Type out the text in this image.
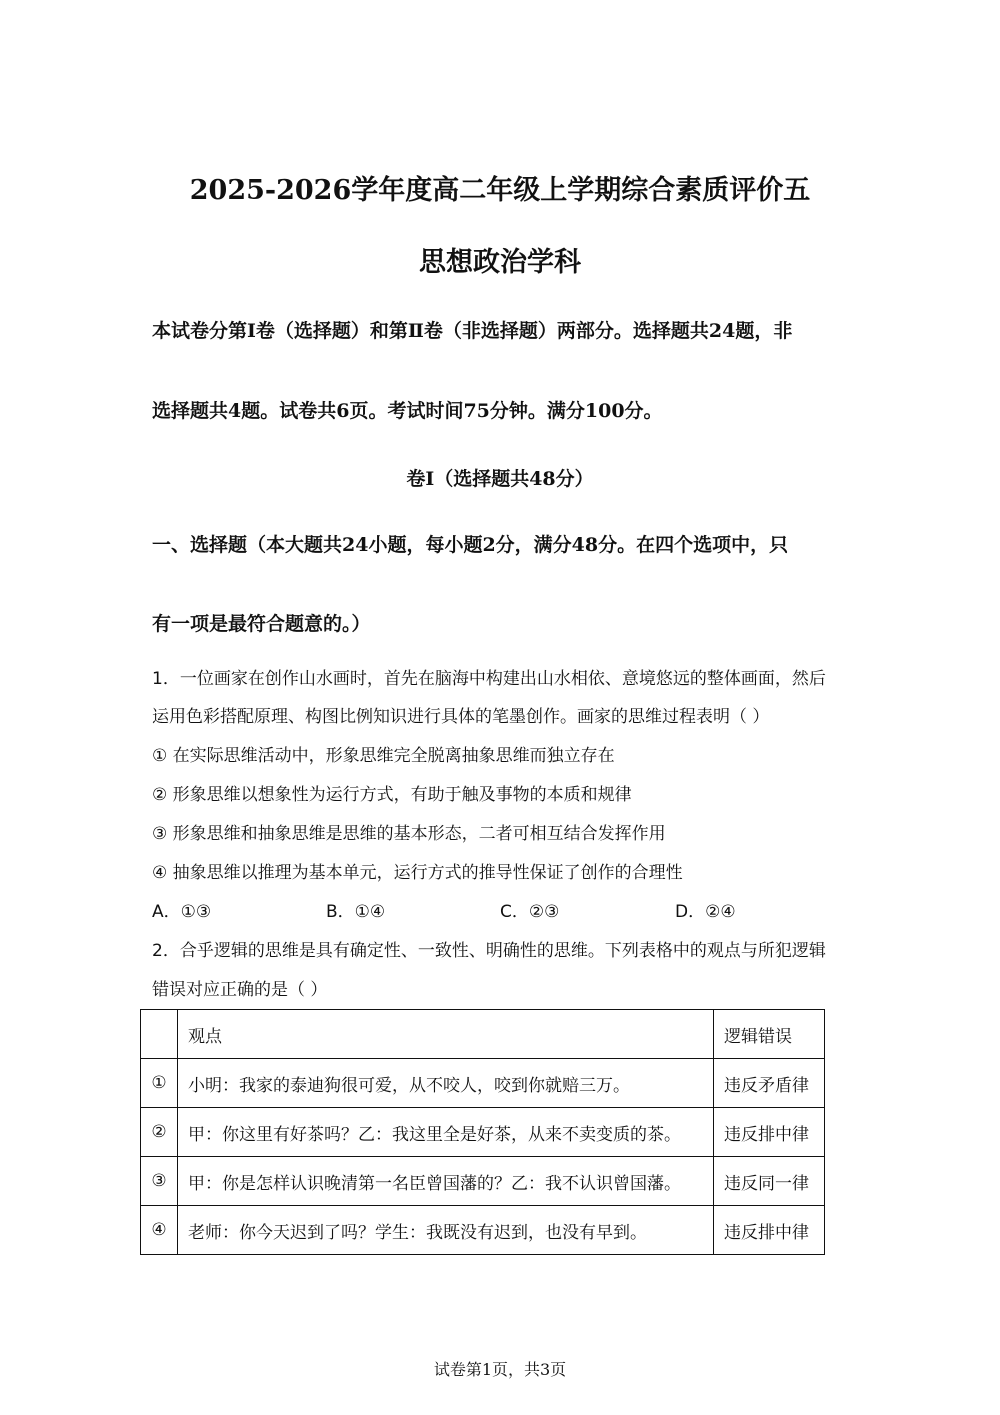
2025-2026学年度高二年级上学期综合素质评价五
思想政治学科
本试卷分第Ⅰ卷（选择题）和第Ⅱ卷（非选择题）两部分。选择题共24题，非
选择题共4题。试卷共6页。考试时间75分钟。满分100分。
卷Ⅰ（选择题共48分）
一、选择题（本大题共24小题，每小题2分，满分48分。在四个选项中，只
有一项是最符合题意的。）
1．一位画家在创作山水画时，首先在脑海中构建出山水相依、意境悠远的整体画面，然后
运用色彩搭配原理、构图比例知识进行具体的笔墨创作。画家的思维过程表明（ ）
① 在实际思维活动中，形象思维完全脱离抽象思维而独立存在
② 形象思维以想象性为运行方式，有助于触及事物的本质和规律
③ 形象思维和抽象思维是思维的基本形态，二者可相互结合发挥作用
④ 抽象思维以推理为基本单元，运行方式的推导性保证了创作的合理性
A．①③	B．①④	C．②③	D．②④
2．合乎逻辑的思维是具有确定性、一致性、明确性的思维。下列表格中的观点与所犯逻辑
错误对应正确的是（ ）
	观点	逻辑错误
①	小明：我家的泰迪狗很可爱，从不咬人，咬到你就赔三万。	违反矛盾律
②	甲：你这里有好茶吗？乙：我这里全是好茶，从来不卖变质的茶。	违反排中律
③	甲：你是怎样认识晚清第一名臣曾国藩的？乙：我不认识曾国藩。	违反同一律
④	老师：你今天迟到了吗？学生：我既没有迟到，也没有早到。	违反排中律
试卷第1页，共3页
